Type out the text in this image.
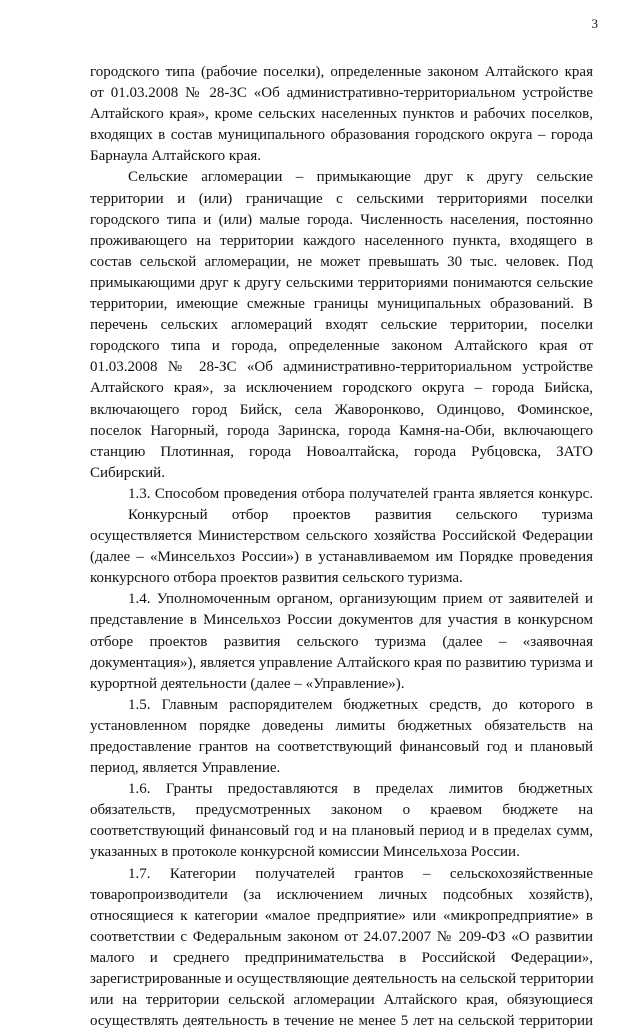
3
городского типа (рабочие поселки), определенные законом Алтайского края
от 01.03.2008 № 28-ЗС «Об административно-территориальном устройстве
Алтайского края», кроме сельских населенных пунктов и рабочих поселков,
входящих в состав муниципального образования городского округа – города
Барнаула Алтайского края.
Сельские агломерации – примыкающие друг к другу сельские
территории и (или) граничащие с сельскими территориями поселки
городского типа и (или) малые города. Численность населения, постоянно
проживающего на территории каждого населенного пункта, входящего в
состав сельской агломерации, не может превышать 30 тыс. человек. Под
примыкающими друг к другу сельскими территориями понимаются сельские
территории, имеющие смежные границы муниципальных образований. В
перечень сельских агломераций входят сельские территории, поселки
городского типа и города, определенные законом Алтайского края от
01.03.2008 № 28-ЗС «Об административно-территориальном устройстве
Алтайского края», за исключением городского округа – города Бийска,
включающего город Бийск, села Жаворонково, Одинцово, Фоминское,
поселок Нагорный, города Заринска, города Камня-на-Оби, включающего
станцию Плотинная, города Новоалтайска, города Рубцовска, ЗАТО
Сибирский.
1.3. Способом проведения отбора получателей гранта является конкурс.
Конкурсный отбор проектов развития сельского туризма
осуществляется Министерством сельского хозяйства Российской Федерации
(далее – «Минсельхоз России») в устанавливаемом им Порядке проведения
конкурсного отбора проектов развития сельского туризма.
1.4. Уполномоченным органом, организующим прием от заявителей и
представление в Минсельхоз России документов для участия в конкурсном
отборе проектов развития сельского туризма (далее – «заявочная
документация»), является управление Алтайского края по развитию туризма и
курортной деятельности (далее – «Управление»).
1.5. Главным распорядителем бюджетных средств, до которого в
установленном порядке доведены лимиты бюджетных обязательств на
предоставление грантов на соответствующий финансовый год и плановый
период, является Управление.
1.6. Гранты предоставляются в пределах лимитов бюджетных
обязательств, предусмотренных законом о краевом бюджете на
соответствующий финансовый год и на плановый период и в пределах сумм,
указанных в протоколе конкурсной комиссии Минсельхоза России.
1.7. Категории получателей грантов – сельскохозяйственные
товаропроизводители (за исключением личных подсобных хозяйств),
относящиеся к категории «малое предприятие» или «микропредприятие» в
соответствии с Федеральным законом от 24.07.2007 № 209-ФЗ «О развитии
малого и среднего предпринимательства в Российской Федерации»,
зарегистрированные и осуществляющие деятельность на сельской территории
или на территории сельской агломерации Алтайского края, обязующиеся
осуществлять деятельность в течение не менее 5 лет на сельской территории
